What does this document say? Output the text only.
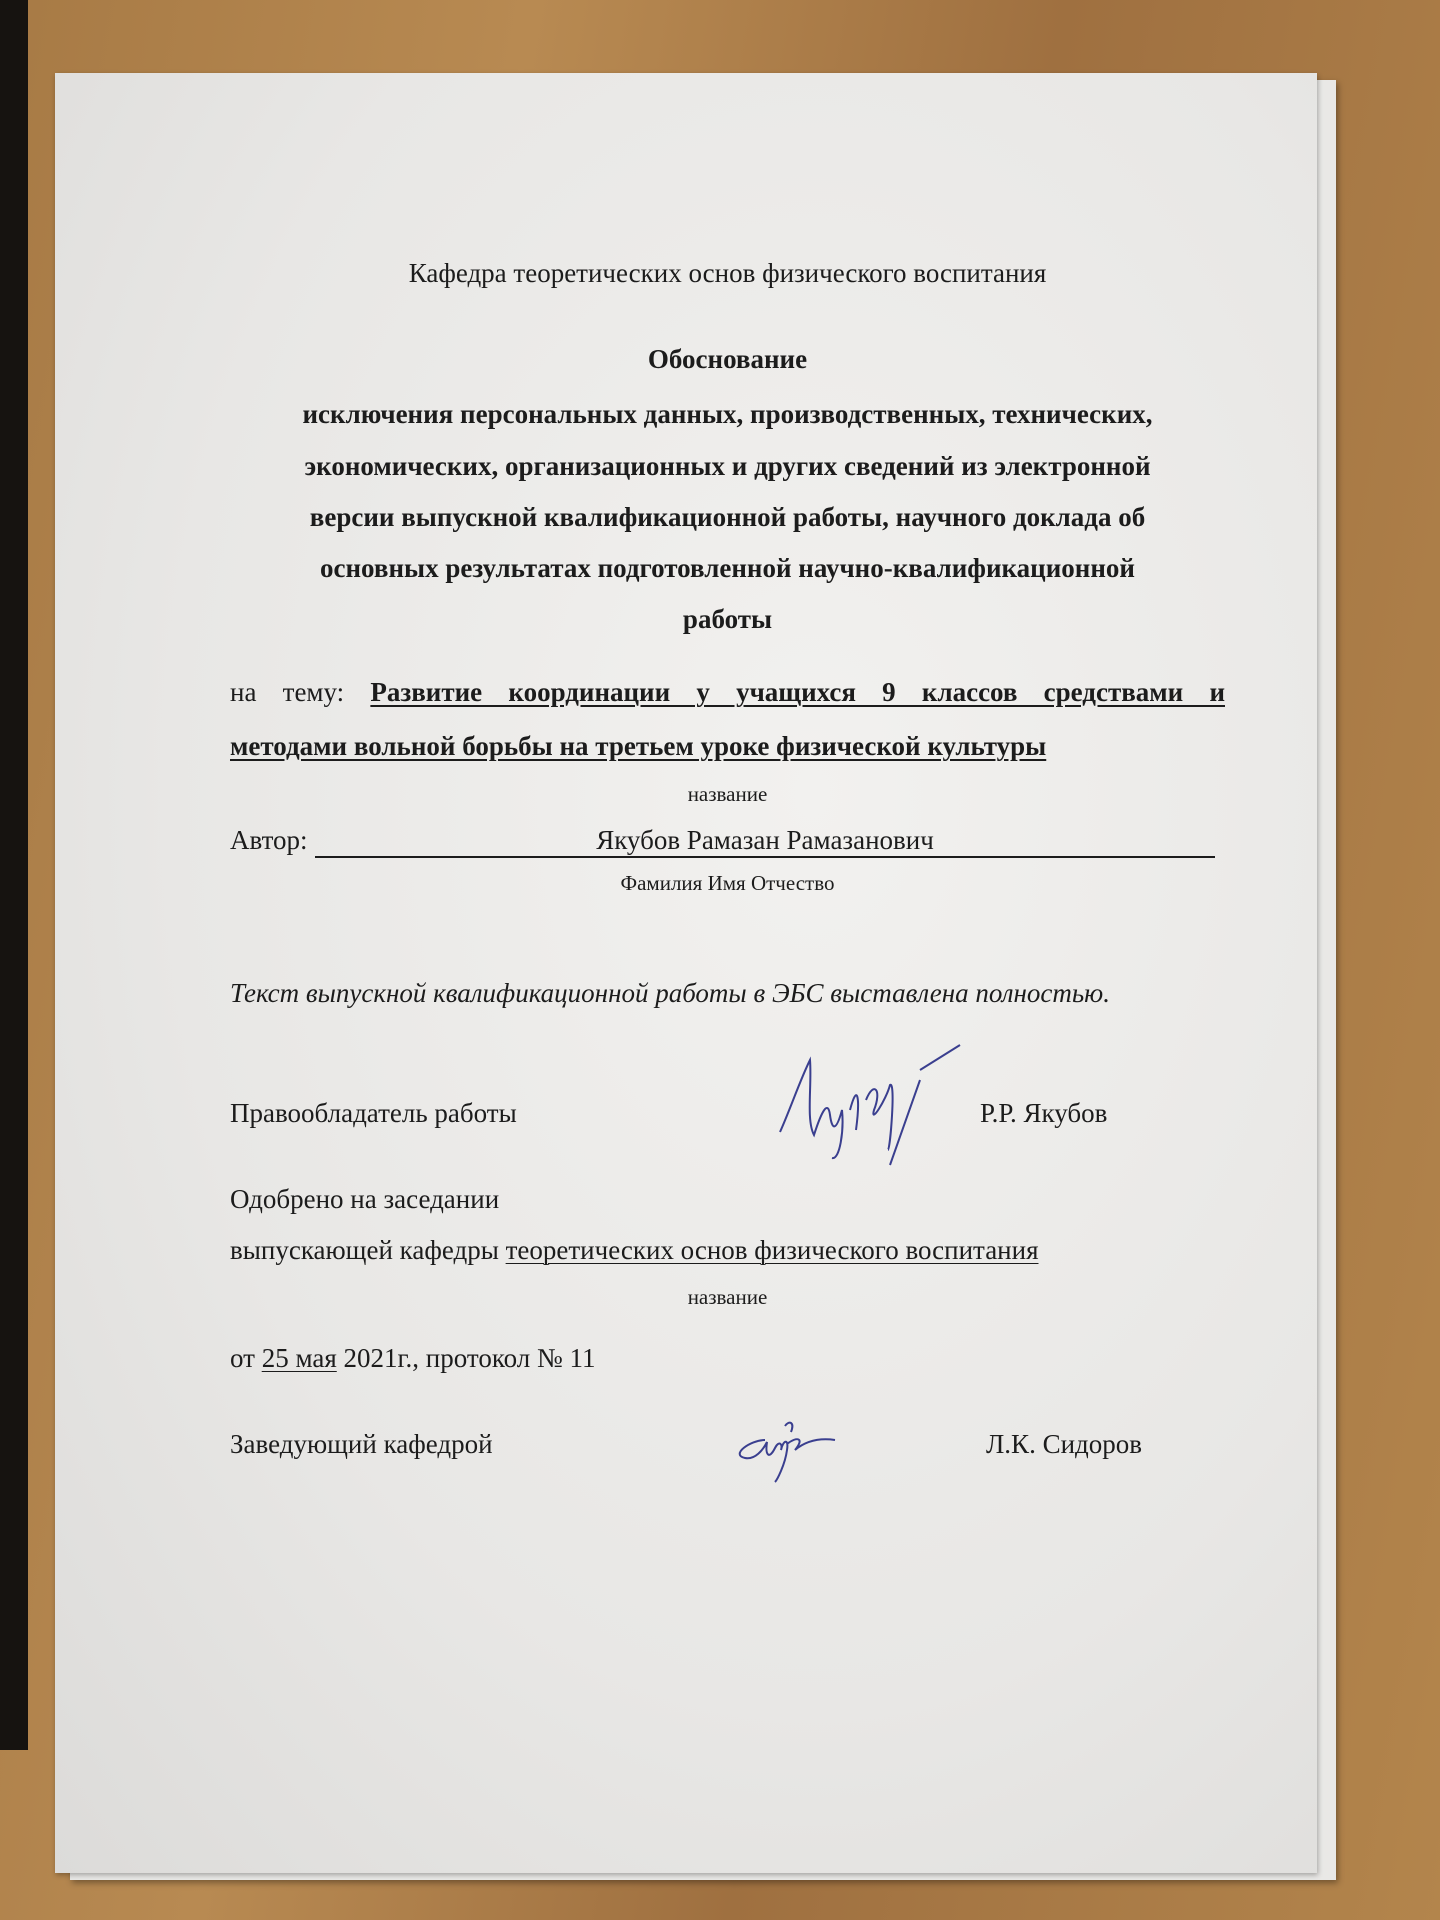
Кафедра теоретических основ физического воспитания
Обоснование
исключения персональных данных, производственных, технических,
экономических, организационных и других сведений из электронной
версии выпускной квалификационной работы, научного доклада об
основных результатах подготовленной научно-квалификационной
работы
на тему: Развитие координации у учащихся 9 классов средствами и
методами вольной борьбы на третьем уроке физической культуры
название
Автор:	Якубов Рамазан Рамазанович
Фамилия Имя Отчество
Текст выпускной квалификационной работы в ЭБС выставлена полностью.
Правообладатель работы	Р.Р. Якубов
Одобрено на заседании
выпускающей кафедры теоретических основ физического воспитания
название
от 25 мая 2021г., протокол № 11
Заведующий кафедрой	Л.К. Сидоров
